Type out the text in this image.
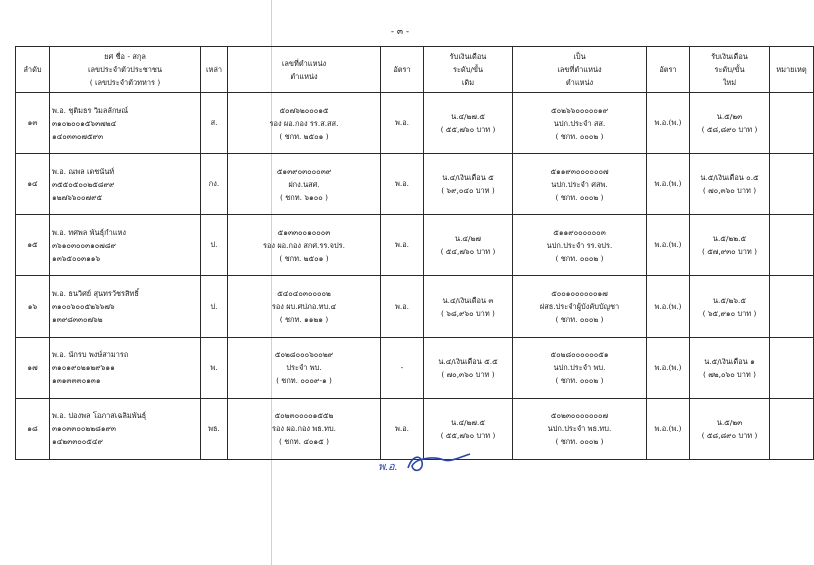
- ๓ -
ลำดับ	ยศ ชื่อ - สกุล
เลขประจำตัวประชาชน
( เลขประจำตัวทหาร )	เหล่า	เลขที่ตำแหน่ง
ตำแหน่ง	อัตรา	รับเงินเดือน
ระดับ/ขั้น
เดิม	เป็น
เลขที่ตำแหน่ง
ตำแหน่ง	อัตรา	รับเงินเดือน
ระดับ/ขั้น
ใหม่	หมายเหตุ
๑๓	พ.อ. ชุติมธร วิมลลักษณ์
๓๑๐๒๐๐๑๕๖๓๗๒๔
๑๔๐๓๓๐๗๕๙๓	ส.	๕๐๗๖๒๐๐๐๑๕
รอง ผอ.กอง รร.ส.สส.
( ชกท. ๒๕๐๑ )	พ.อ.	น.๔/๒๗.๕
( ๕๕,๗๖๐ บาท )	๕๐๒๖๖๐๐๐๐๐๑๙
นปก.ประจำ สส.
( ชกท. ๐๐๐๒ )	พ.อ.(พ.)	น.๕/๒๓
( ๕๘,๘๙๐ บาท )	

๑๔	พ.อ. ณพล เดชนันท์
๓๕๕๐๕๐๐๒๕๘๙๙
๑๒๗๖๖๐๐๗๙๕	กง.	๕๑๓๙๐๓๐๐๐๓๙
ฝกง.นสศ.
( ชกท. ๖๑๐๐ )	พ.อ.	น.๔/เงินเดือน ๕
( ๖๙,๐๔๐ บาท )	๕๑๑๙๓๐๐๐๐๐๐๗
นปก.ประจำ ศสพ.
( ชกท. ๐๐๐๒ )	พ.อ.(พ.)	น.๕/เงินเดือน ๐.๕
( ๗๐,๓๖๐ บาท )	

๑๕	พ.อ. ทศพล พันธุ์กำแหง
๓๖๑๐๓๐๐๓๑๐๗๘๙
๑๓๖๕๐๐๓๑๑๖	ป.	๕๑๓๓๐๐๑๐๐๐๓
รอง ผอ.กอง สกศ.รร.จปร.
( ชกท. ๒๕๐๑ )	พ.อ.	น.๔/๒๗
( ๕๔,๗๖๐ บาท )	๕๑๑๙๐๐๐๐๐๐๓
นปก.ประจำ รร.จปร.
( ชกท. ๐๐๐๒ )	พ.อ.(พ.)	น.๕/๒๒.๕
( ๕๗,๙๓๐ บาท )	

๑๖	พ.อ. ธนวิศย์ สุนทรวัชรสิทธิ์
๓๑๐๐๖๐๐๕๒๖๖๗๖
๑๓๙๘๓๓๐๗๖๒	ป.	๕๔๐๔๐๓๐๐๐๐๒
รอง ผบ.ศปภอ.ทบ.๔
( ชกท. ๑๑๒๑ )	พ.อ.	น.๔/เงินเดือน ๓
( ๖๘,๙๖๐ บาท )	๕๐๐๑๐๐๐๐๐๐๑๗
ฝสธ.ประจำผู้บังคับบัญชา
( ชกท. ๐๐๐๒ )	พ.อ.(พ.)	น.๕/๒๖.๕
( ๖๕,๙๑๐ บาท )	

๑๗	พ.อ. นักรบ พงษ์สามารถ
๓๑๐๑๙๐๒๑๒๙๖๑๑
๑๓๑๓๓๓๐๑๓๑	พ.	๕๐๒๘๐๐๐๖๐๐๒๙
ประจำ พบ.
( ชกท. ๐๐๐๙-๑ )	-	น.๔/เงินเดือน ๕.๕
( ๗๐,๓๖๐ บาท )	๕๐๒๘๐๐๐๐๐๐๕๑
นปก.ประจำ พบ.
( ชกท. ๐๐๐๒ )	พ.อ.(พ.)	น.๕/เงินเดือน ๑
( ๗๒,๐๖๐ บาท )	

๑๘	พ.อ. ปองพล โอภาสเฉลิมพันธุ์
๓๑๐๓๓๐๐๒๒๘๑๙๓
๑๔๒๓๓๐๐๕๔๙	พธ.	๕๐๒๓๐๐๐๐๑๕๕๒
รอง ผอ.กอง พธ.ทบ.
( ชกท. ๔๐๑๕ )	พ.อ.	น.๔/๒๗.๕
( ๕๕,๗๖๐ บาท )	๕๐๒๓๐๐๐๐๐๐๐๗
นปก.ประจำ พธ.ทบ.
( ชกท. ๐๐๐๒ )	พ.อ.(พ.)	น.๕/๒๓
( ๕๘,๘๙๐ บาท )	

พ.อ.
